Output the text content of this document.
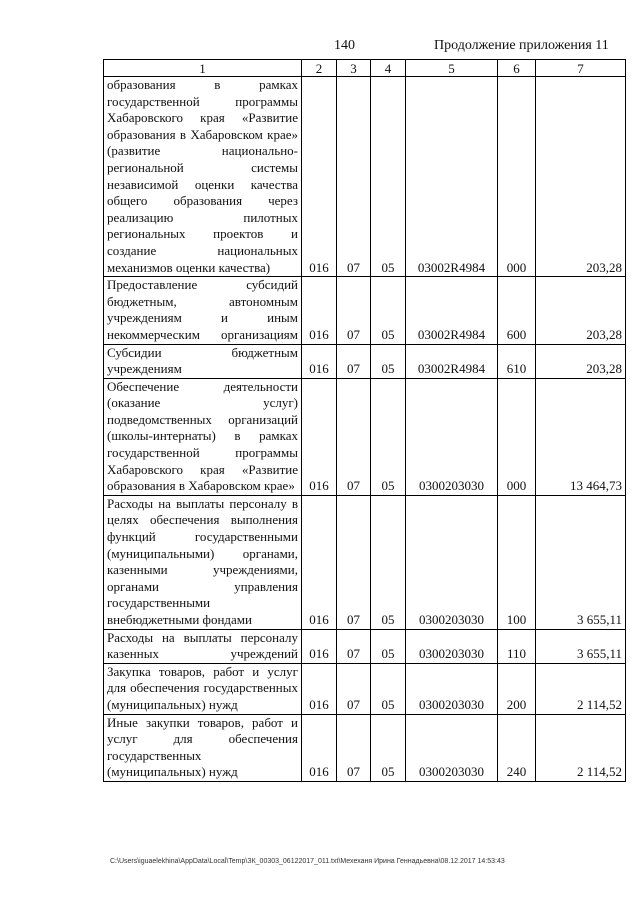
140	Продолжение приложения 11
1	2	3	4	5	6	7
образования в рамках государственной программы Хабаровского края «Развитие образования в Хабаровском крае» (развитие национально-региональной системы независимой оценки качества общего образования через реализацию пилотных региональных проектов и создание национальных механизмов оценки качества)	016	07	05	03002R4984	000	203,28
Предоставление субсидий бюджетным, автономным учреждениям и иным некоммерческим организациям	016	07	05	03002R4984	600	203,28
Субсидии бюджетным учреждениям	016	07	05	03002R4984	610	203,28
Обеспечение деятельности (оказание услуг) подведомственных организаций (школы-интернаты) в рамках государственной программы Хабаровского края «Развитие образования в Хабаровском крае»	016	07	05	0300203030	000	13 464,73
Расходы на выплаты персоналу в целях обеспечения выполнения функций государственными (муниципальными) органами, казенными учреждениями, органами управления государственными внебюджетными фондами	016	07	05	0300203030	100	3 655,11
Расходы на выплаты персоналу казенных учреждений	016	07	05	0300203030	110	3 655,11
Закупка товаров, работ и услуг для обеспечения государственных (муниципальных) нужд	016	07	05	0300203030	200	2 114,52
Иные закупки товаров, работ и услуг для обеспечения государственных (муниципальных) нужд	016	07	05	0300203030	240	2 114,52
C:\Users\iguaelekhina\AppData\Local\Temp\ЗК_00303_06122017_011.txt\Мехеханя Ирина Геннадьевна\08.12.2017 14:53:43
